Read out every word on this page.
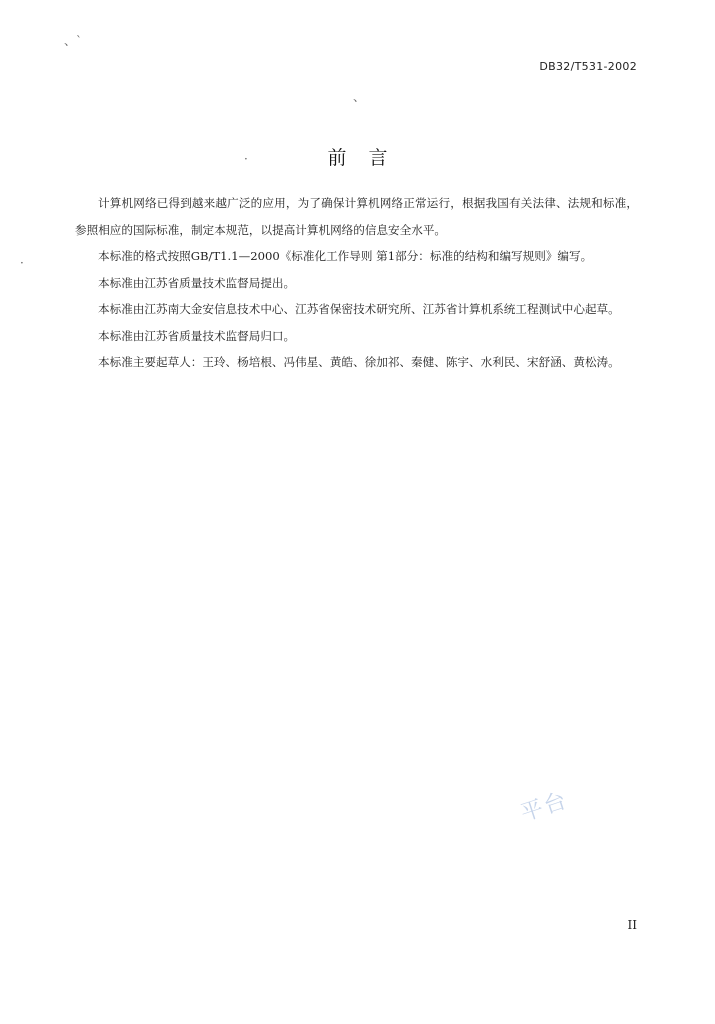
、`
、
·
·
DB32/T531-2002
前言

计算机网络已得到越来越广泛的应用，为了确保计算机网络正常运行，根据我国有关法律、法规和标准，参照相应的国际标准，制定本规范，以提高计算机网络的信息安全水平。

本标准的格式按照GB/T1.1—2000《标准化工作导则 第1部分：标准的结构和编写规则》编写。

本标准由江苏省质量技术监督局提出。

本标准由江苏南大金安信息技术中心、江苏省保密技术研究所、江苏省计算机系统工程测试中心起草。

本标准由江苏省质量技术监督局归口。

本标准主要起草人：王玲、杨培根、冯伟星、黄皓、徐加祁、秦健、陈宇、水利民、宋舒涵、黄松涛。

平台
II
